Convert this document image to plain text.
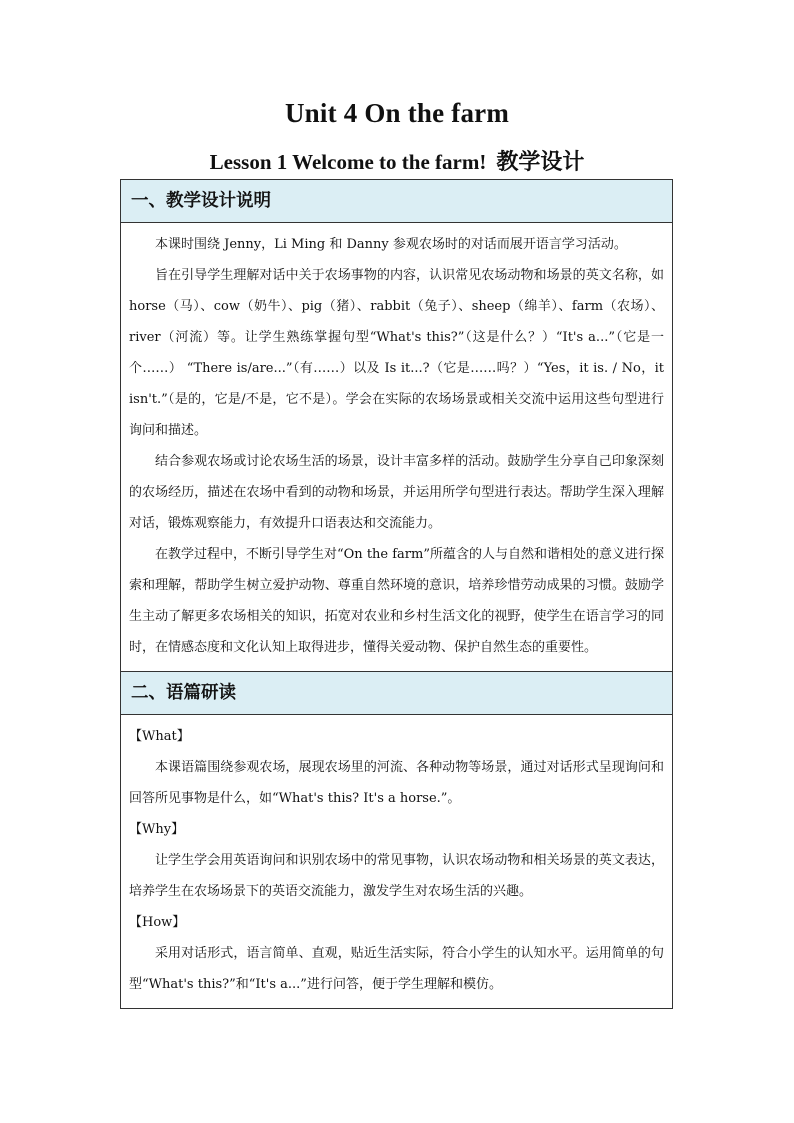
Unit 4 On the farm
Lesson 1 Welcome to the farm! 教学设计
一、教学设计说明

本课时围绕 Jenny，Li Ming 和 Danny 参观农场时的对话而展开语言学习活动。

旨在引导学生理解对话中关于农场事物的内容，认识常见农场动物和场景的英文名称，如 horse（马）、cow（奶牛）、pig（猪）、rabbit（兔子）、sheep（绵羊）、farm（农场）、river（河流）等。让学生熟练掌握句型“What's this?”（这是什么？）“It's a...”（它是一个……） “There is/are...”（有……）以及 Is it...?（它是……吗？）“Yes，it is. / No，it isn't.”（是的，它是/不是，它不是）。学会在实际的农场场景或相关交流中运用这些句型进行询问和描述。

结合参观农场或讨论农场生活的场景，设计丰富多样的活动。鼓励学生分享自己印象深刻的农场经历，描述在农场中看到的动物和场景，并运用所学句型进行表达。帮助学生深入理解对话，锻炼观察能力，有效提升口语表达和交流能力。

在教学过程中，不断引导学生对“On the farm”所蕴含的人与自然和谐相处的意义进行探索和理解，帮助学生树立爱护动物、尊重自然环境的意识，培养珍惜劳动成果的习惯。鼓励学生主动了解更多农场相关的知识，拓宽对农业和乡村生活文化的视野，使学生在语言学习的同时，在情感态度和文化认知上取得进步，懂得关爱动物、保护自然生态的重要性。

二、语篇研读

【What】

本课语篇围绕参观农场，展现农场里的河流、各种动物等场景，通过对话形式呈现询问和回答所见事物是什么，如“What's this? It's a horse.”。

【Why】

让学生学会用英语询问和识别农场中的常见事物，认识农场动物和相关场景的英文表达，培养学生在农场场景下的英语交流能力，激发学生对农场生活的兴趣。

【How】

采用对话形式，语言简单、直观，贴近生活实际，符合小学生的认知水平。运用简单的句型“What's this?”和“It's a...”进行问答，便于学生理解和模仿。
